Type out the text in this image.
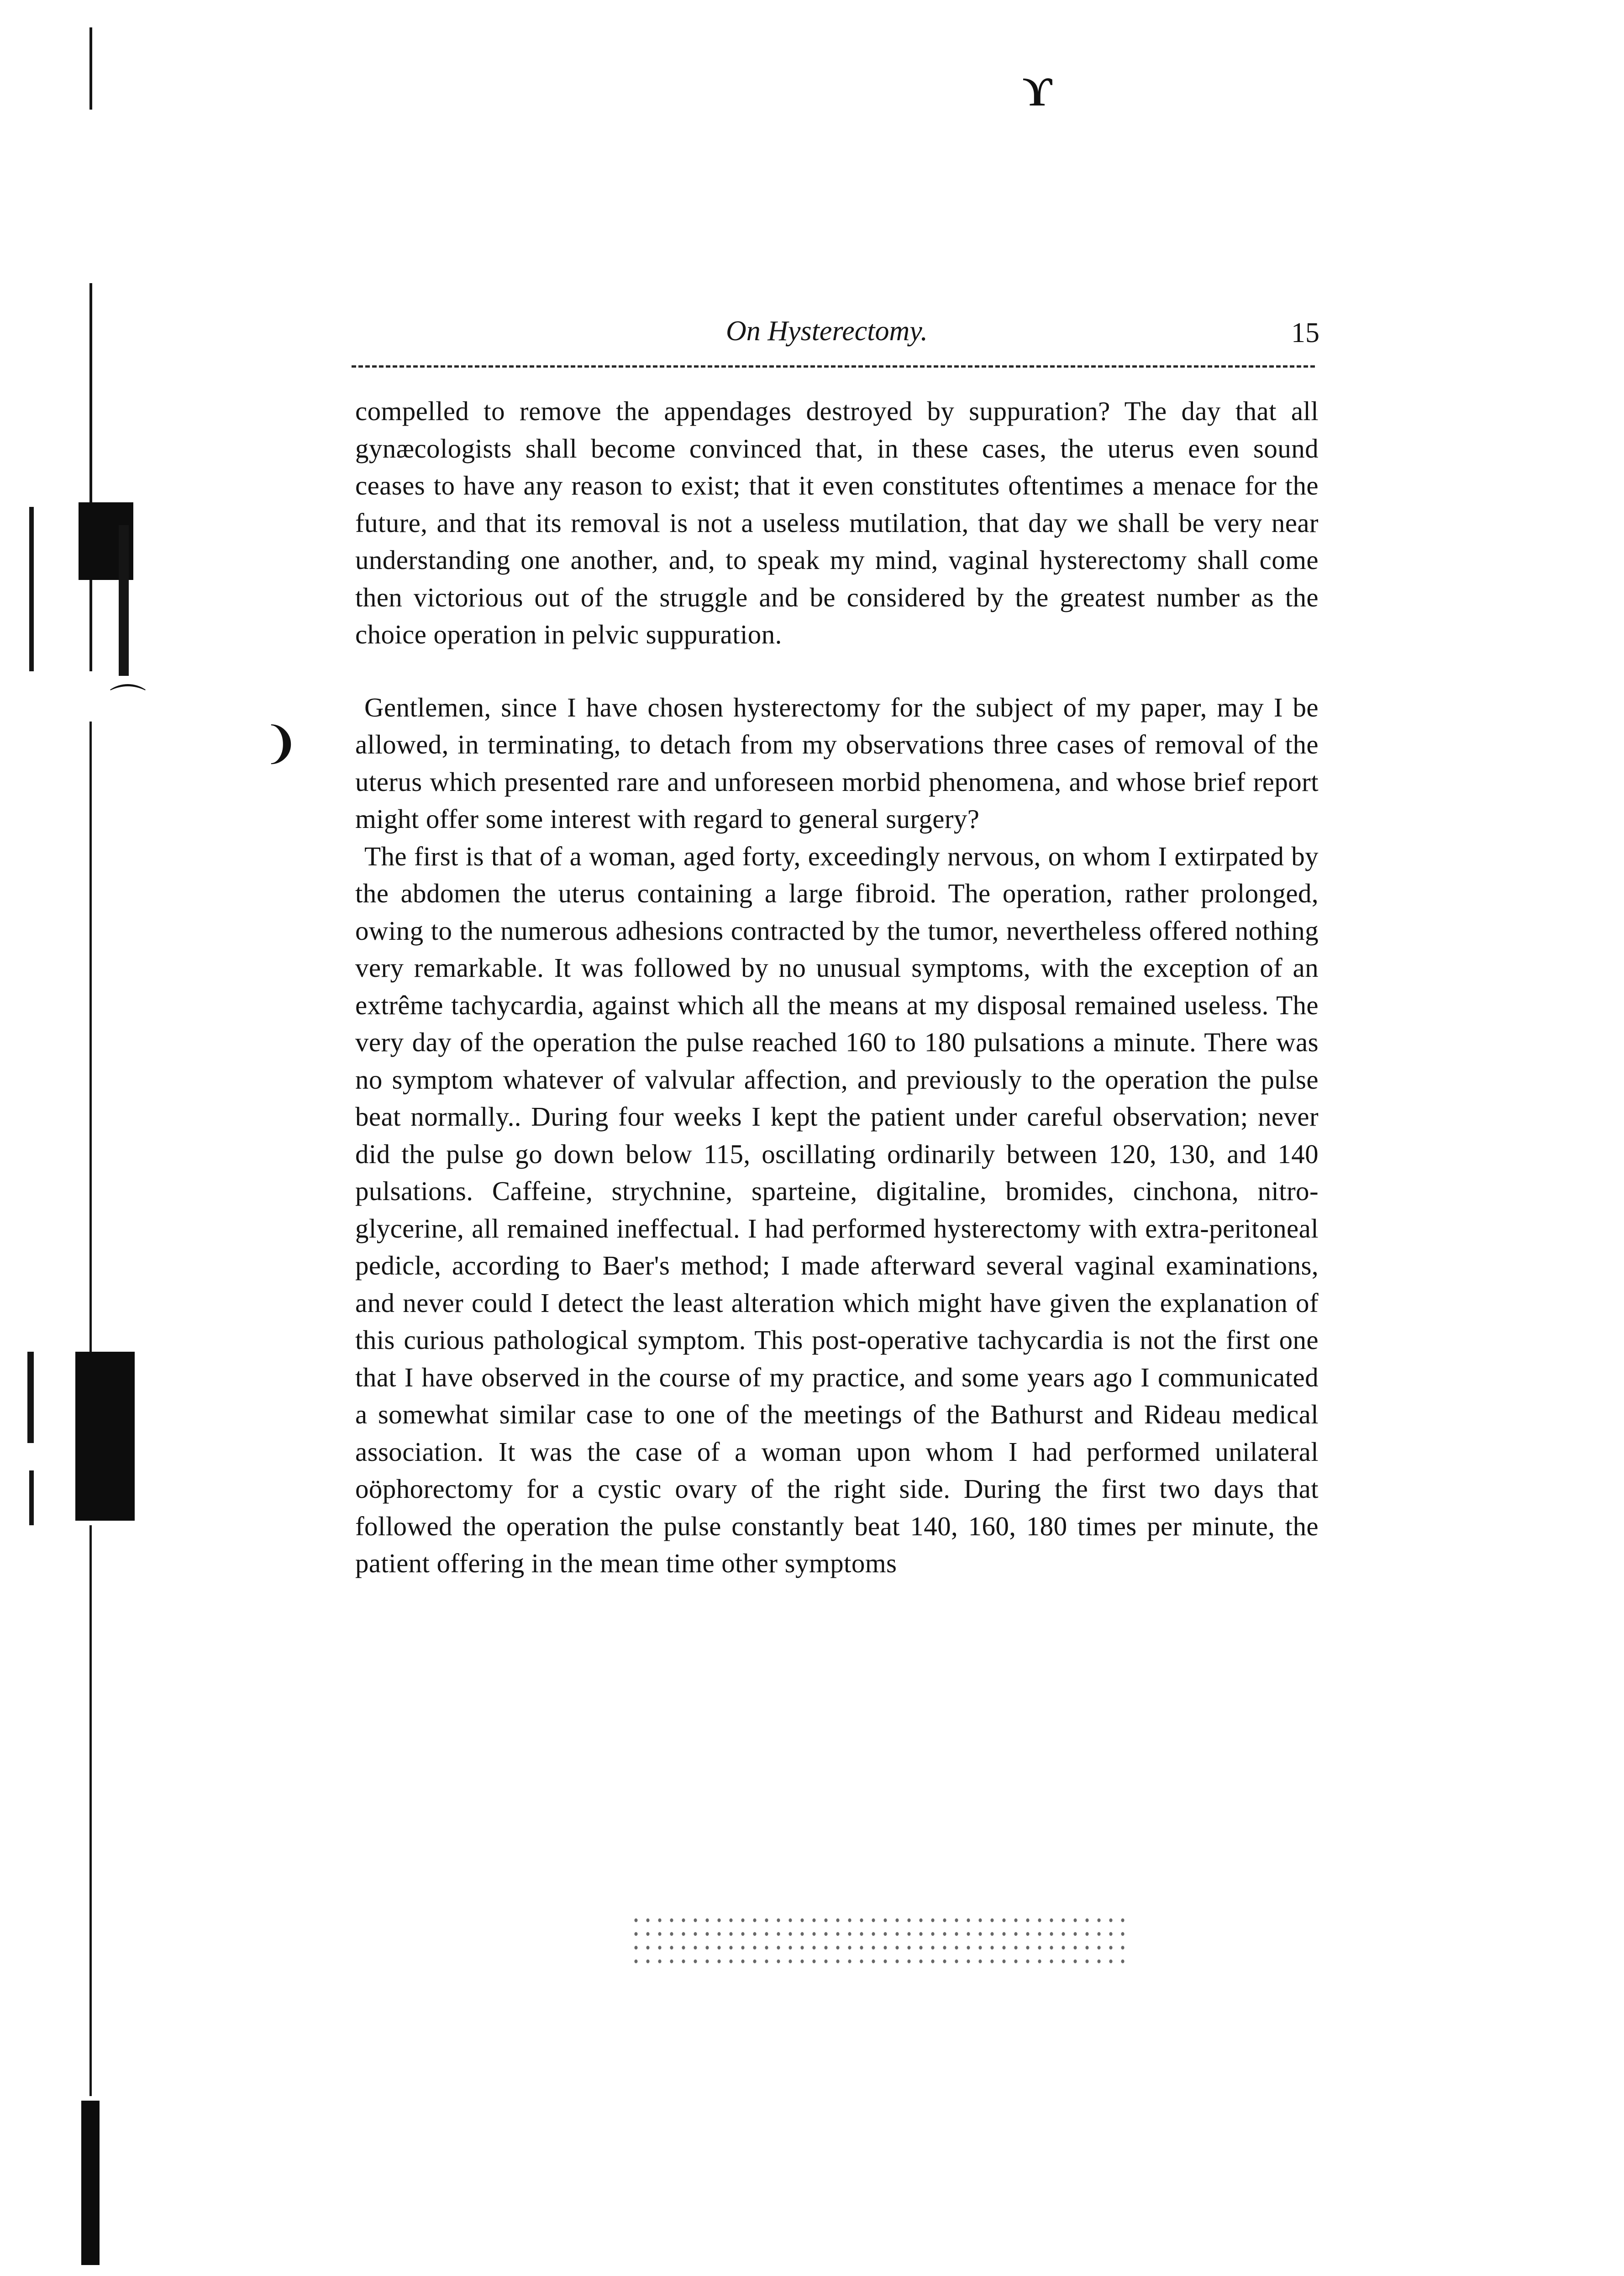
❩
⌒
ϒ
On Hysterectomy.	15

compelled to remove the appendages destroyed by suppuration? The day that all gynæcologists shall become convinced that, in these cases, the uterus even sound ceases to have any reason to exist; that it even constitutes oftentimes a menace for the future, and that its removal is not a useless mutilation, that day we shall be very near understanding one another, and, to speak my mind, vaginal hysterectomy shall come then victorious out of the struggle and be considered by the greatest number as the choice operation in pelvic suppuration.

Gentlemen, since I have chosen hysterectomy for the subject of my paper, may I be allowed, in terminating, to detach from my observations three cases of removal of the uterus which presented rare and unforeseen morbid phenomena, and whose brief report might offer some interest with regard to general surgery?

The first is that of a woman, aged forty, exceedingly nervous, on whom I extirpated by the abdomen the uterus containing a large fibroid. The operation, rather prolonged, owing to the numerous adhesions contracted by the tumor, nevertheless offered nothing very remarkable. It was followed by no unusual symptoms, with the exception of an extrême tachycardia, against which all the means at my disposal remained useless. The very day of the operation the pulse reached 160 to 180 pulsations a minute. There was no symptom whatever of valvular affection, and previously to the operation the pulse beat normally.. During four weeks I kept the patient under careful observation; never did the pulse go down below 115, oscillating ordinarily between 120, 130, and 140 pulsations. Caffeine, strychnine, sparteine, digitaline, bromides, cinchona, nitro-glycerine, all remained ineffectual. I had performed hysterectomy with extra-peritoneal pedicle, according to Baer's method; I made afterward several vaginal examinations, and never could I detect the least alteration which might have given the explanation of this curious pathological symptom. This post-operative tachycardia is not the first one that I have observed in the course of my practice, and some years ago I communicated a somewhat similar case to one of the meetings of the Bathurst and Rideau medical association. It was the case of a woman upon whom I had performed unilateral oöphorectomy for a cystic ovary of the right side. During the first two days that followed the operation the pulse constantly beat 140, 160, 180 times per minute, the patient offering in the mean time other symptoms
